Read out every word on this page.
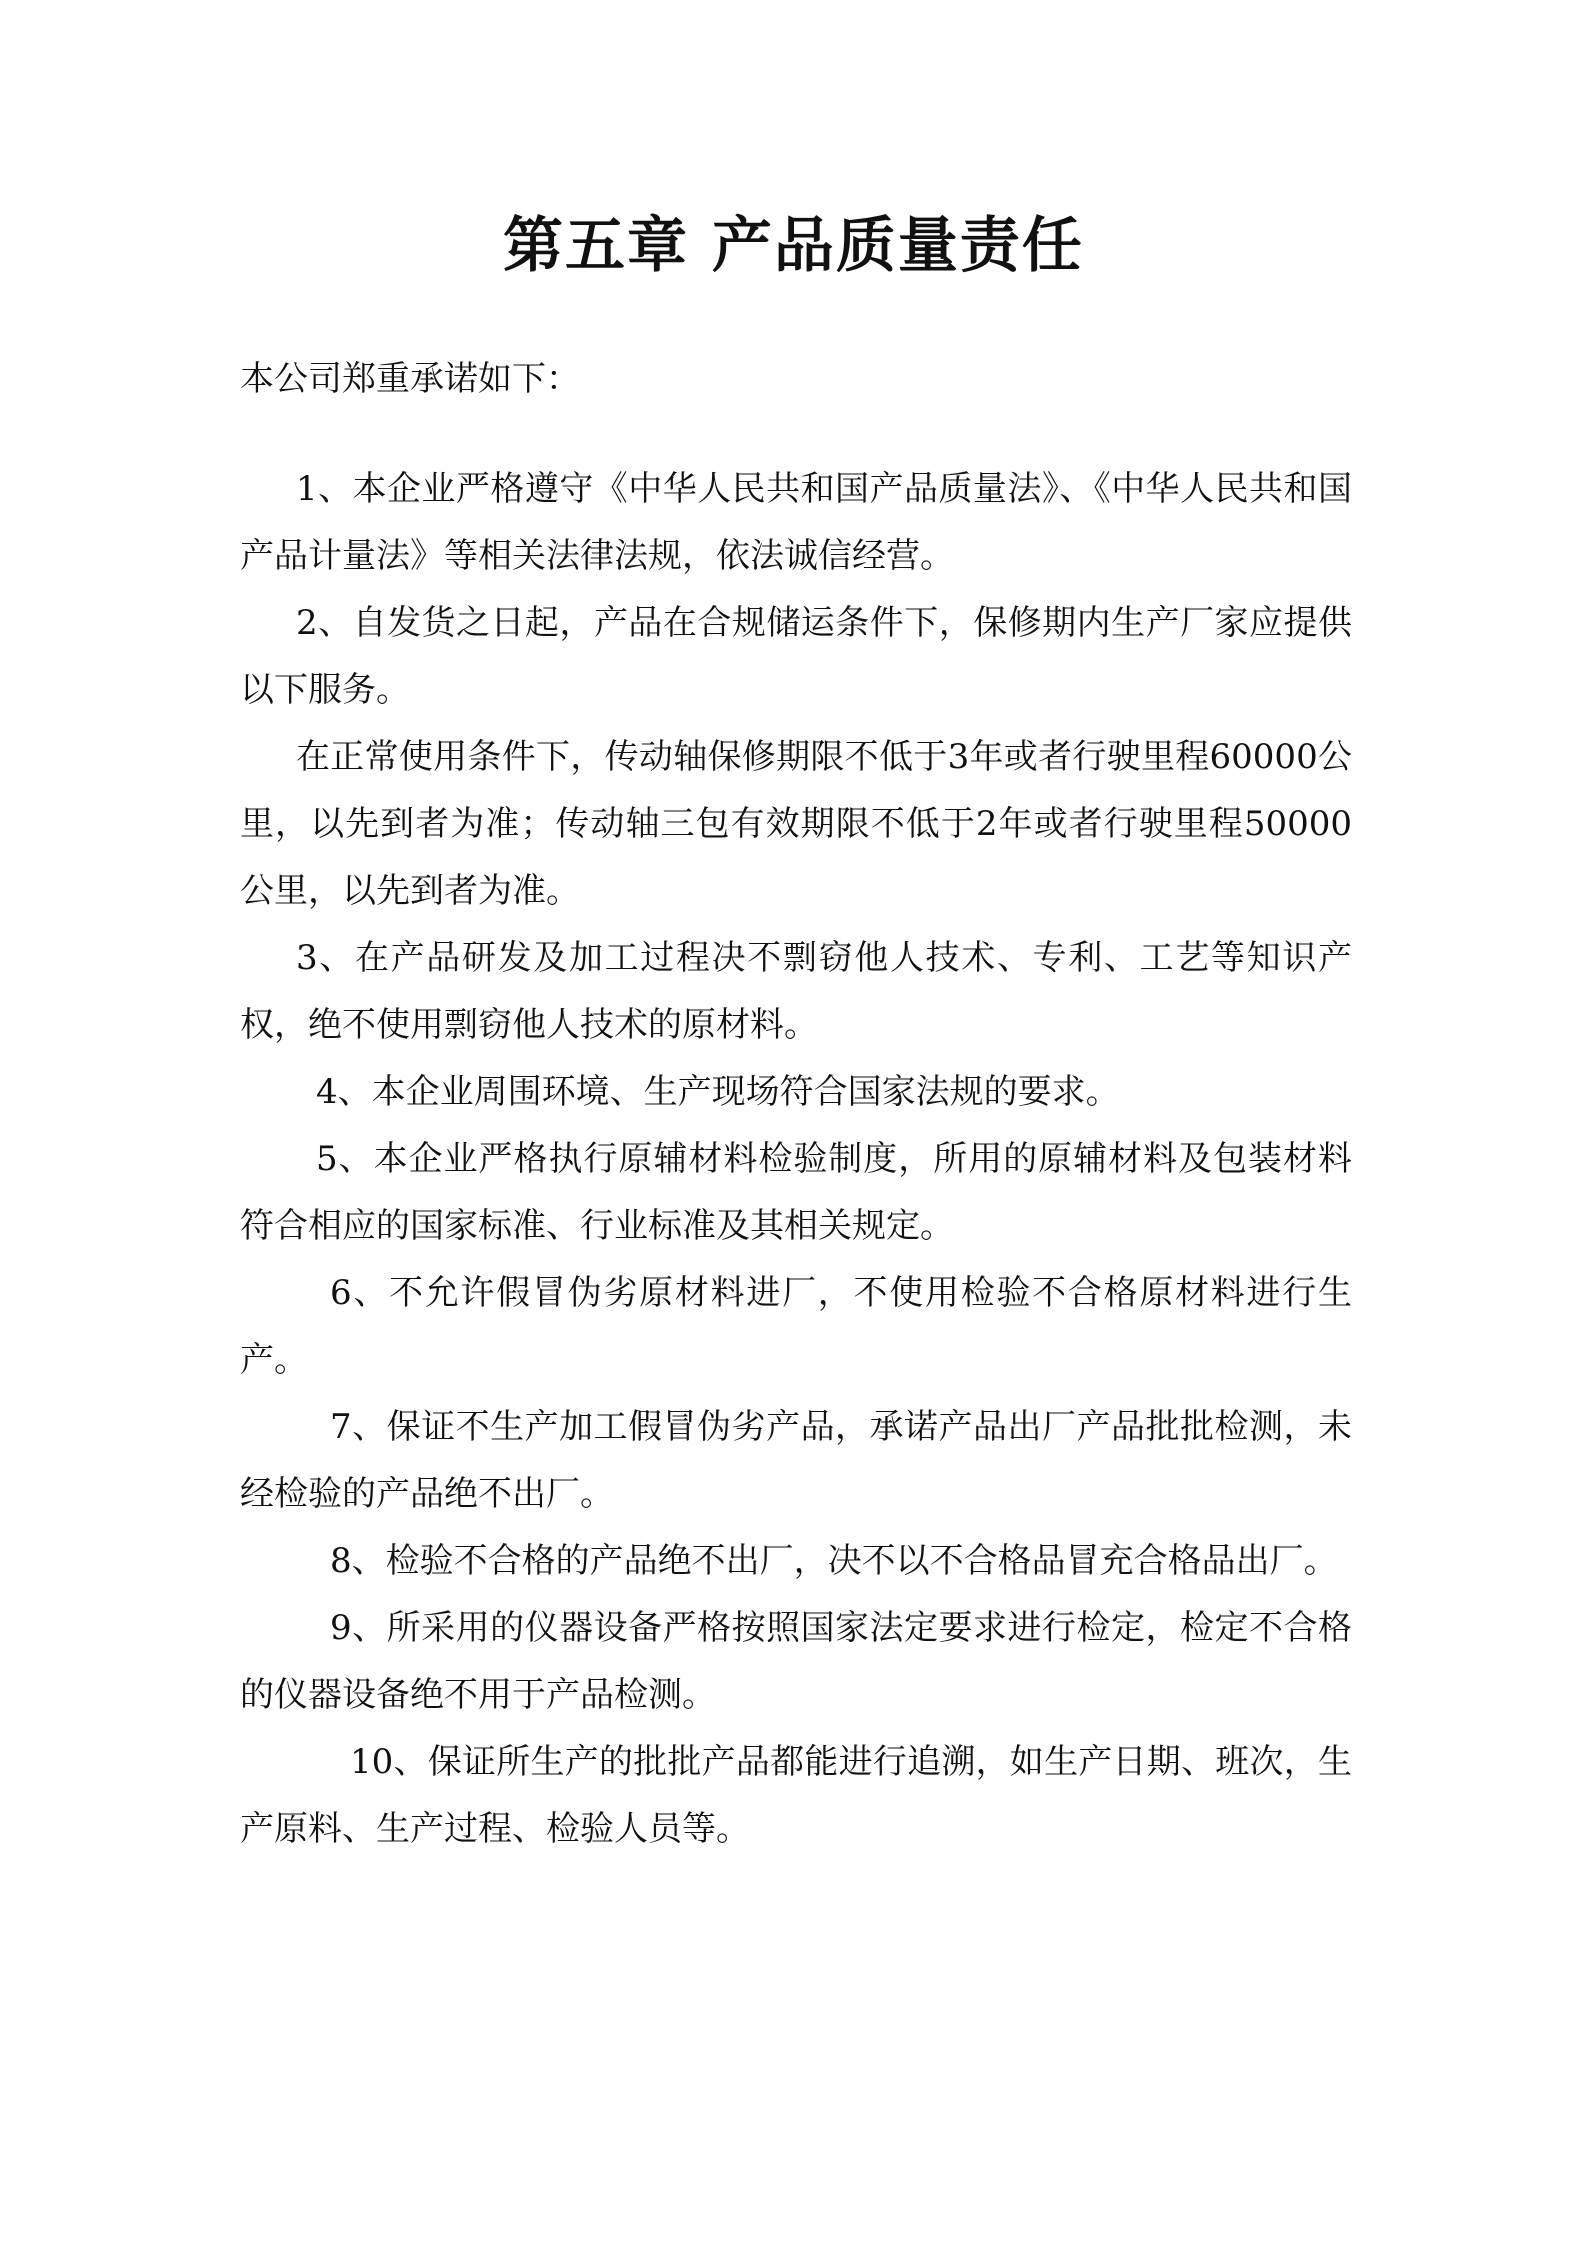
第五章 产品质量责任

本公司郑重承诺如下：

1、本企业严格遵守《中华人民共和国产品质量法》、《中华人民共和国产品计量法》等相关法律法规，依法诚信经营。

2、自发货之日起，产品在合规储运条件下，保修期内生产厂家应提供以下服务。

在正常使用条件下，传动轴保修期限不低于3年或者行驶里程60000公里，以先到者为准；传动轴三包有效期限不低于2年或者行驶里程50000公里，以先到者为准。

3、在产品研发及加工过程决不剽窃他人技术、专利、工艺等知识产权，绝不使用剽窃他人技术的原材料。

4、本企业周围环境、生产现场符合国家法规的要求。

5、本企业严格执行原辅材料检验制度，所用的原辅材料及包装材料符合相应的国家标准、行业标准及其相关规定。

6、不允许假冒伪劣原材料进厂，不使用检验不合格原材料进行生产。

7、保证不生产加工假冒伪劣产品，承诺产品出厂产品批批检测，未经检验的产品绝不出厂。

8、检验不合格的产品绝不出厂，决不以不合格品冒充合格品出厂。

9、所采用的仪器设备严格按照国家法定要求进行检定，检定不合格的仪器设备绝不用于产品检测。

10、保证所生产的批批产品都能进行追溯，如生产日期、班次，生产原料、生产过程、检验人员等。
